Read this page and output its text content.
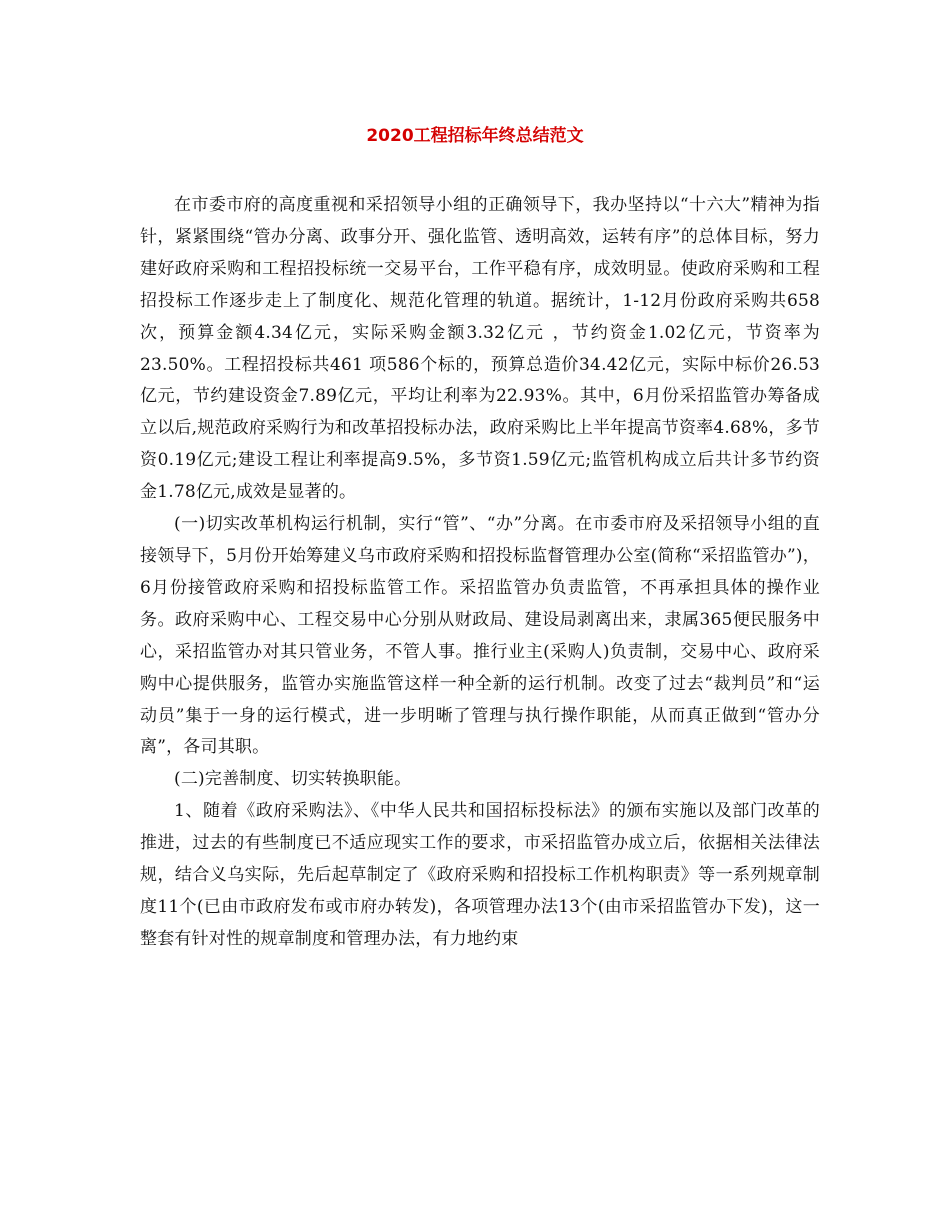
2020工程招标年终总结范文

在市委市府的高度重视和采招领导小组的正确领导下，我办坚持以“十六大”精神为指针，紧紧围绕“管办分离、政事分开、强化监管、透明高效，运转有序”的总体目标，努力建好政府采购和工程招投标统一交易平台，工作平稳有序，成效明显。使政府采购和工程招投标工作逐步走上了制度化、规范化管理的轨道。据统计，1-12月份政府采购共658次，预算金额4.34亿元，实际采购金额3.32亿元 ，节约资金1.02亿元，节资率为23.50%。工程招投标共461 项586个标的，预算总造价34.42亿元，实际中标价26.53亿元，节约建设资金7.89亿元，平均让利率为22.93%。其中，6月份采招监管办筹备成立以后,规范政府采购行为和改革招投标办法，政府采购比上半年提高节资率4.68%，多节资0.19亿元;建设工程让利率提高9.5%，多节资1.59亿元;监管机构成立后共计多节约资金1.78亿元,成效是显著的。

(一)切实改革机构运行机制，实行“管”、“办”分离。在市委市府及采招领导小组的直接领导下，5月份开始筹建义乌市政府采购和招投标监督管理办公室(简称“采招监管办”)，6月份接管政府采购和招投标监管工作。采招监管办负责监管，不再承担具体的操作业务。政府采购中心、工程交易中心分别从财政局、建设局剥离出来，隶属365便民服务中心，采招监管办对其只管业务，不管人事。推行业主(采购人)负责制，交易中心、政府采购中心提供服务，监管办实施监管这样一种全新的运行机制。改变了过去“裁判员”和“运动员”集于一身的运行模式，进一步明晰了管理与执行操作职能，从而真正做到“管办分离”，各司其职。

(二)完善制度、切实转换职能。

1、随着《政府采购法》、《中华人民共和国招标投标法》的颁布实施以及部门改革的推进，过去的有些制度已不适应现实工作的要求，市采招监管办成立后，依据相关法律法规，结合义乌实际，先后起草制定了《政府采购和招投标工作机构职责》等一系列规章制度11个(已由市政府发布或市府办转发)，各项管理办法13个(由市采招监管办下发)，这一整套有针对性的规章制度和管理办法，有力地约束
